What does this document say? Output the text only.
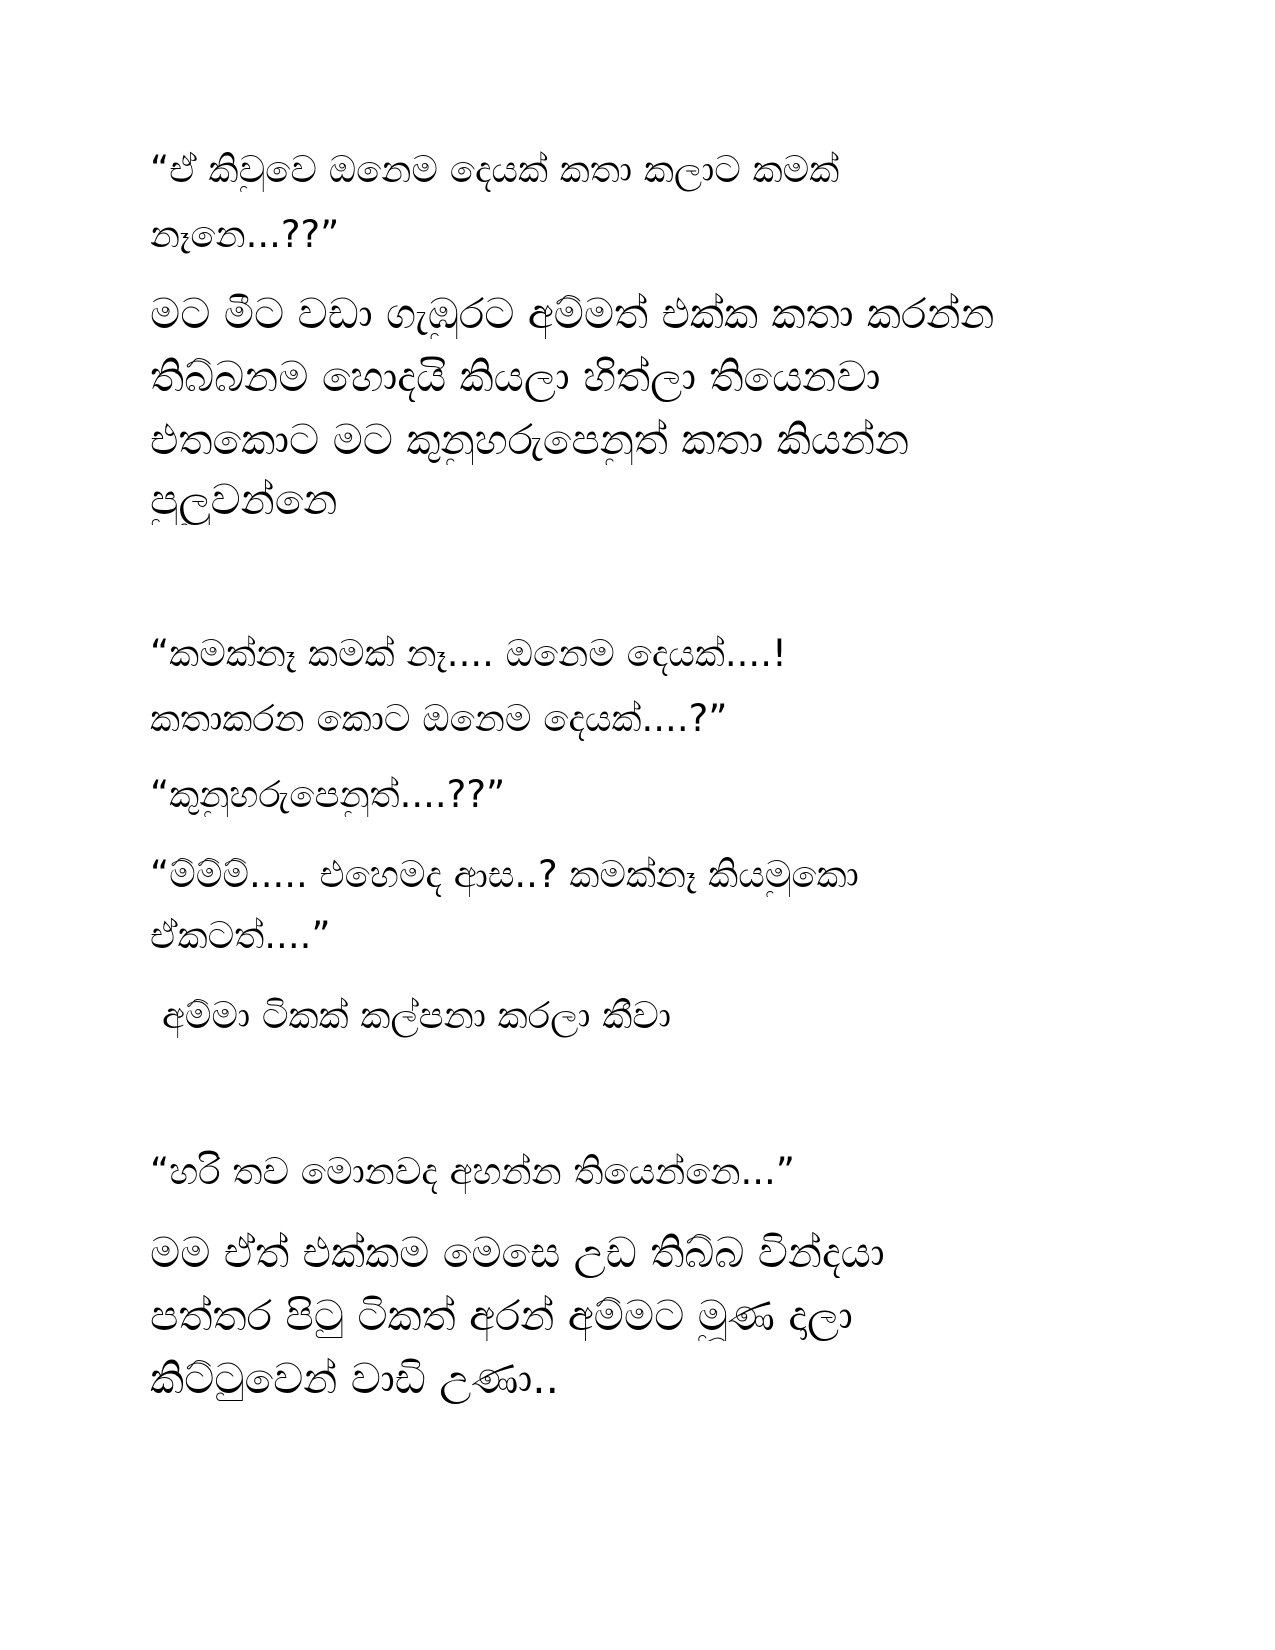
“ඒ කිවුවෙ ඔනෙම දෙයක් කතා කලාට කමක්
නෑනෙ...??”
මට මීට වඩා ගැඹුරට අම්මත් එක්ක කතා කරන්න
තිබ්බනම හොදයි කියලා හිත්ලා තියෙනවා
එතකොට මට කුනුහරුපෙනුත් කතා කියන්න
පුලුවන්නෙ
“කමක්නෑ කමක් නෑ.... ඔනෙම දෙයක්....!
කතාකරන කොට ඔනෙම දෙයක්....?”
“කුනුහරුපෙනුත්....??”
“ම්ම්ම්..... එහෙමද ආස..? කමක්නෑ කියමුකො
ඒකටත්....”
අම්මා ටිකක් කල්පනා කරලා කීවා
“හරි තව මොනවද අහන්න තියෙන්නෙ...”
මම ඒත් එක්කම මෙසෙ උඩ තිබ්බ වින්දයා
පත්තර පිටු ටිකත් අරන් අම්මට මූණ දාලා
කිට්ටුවෙන් වාඩි උණා..
